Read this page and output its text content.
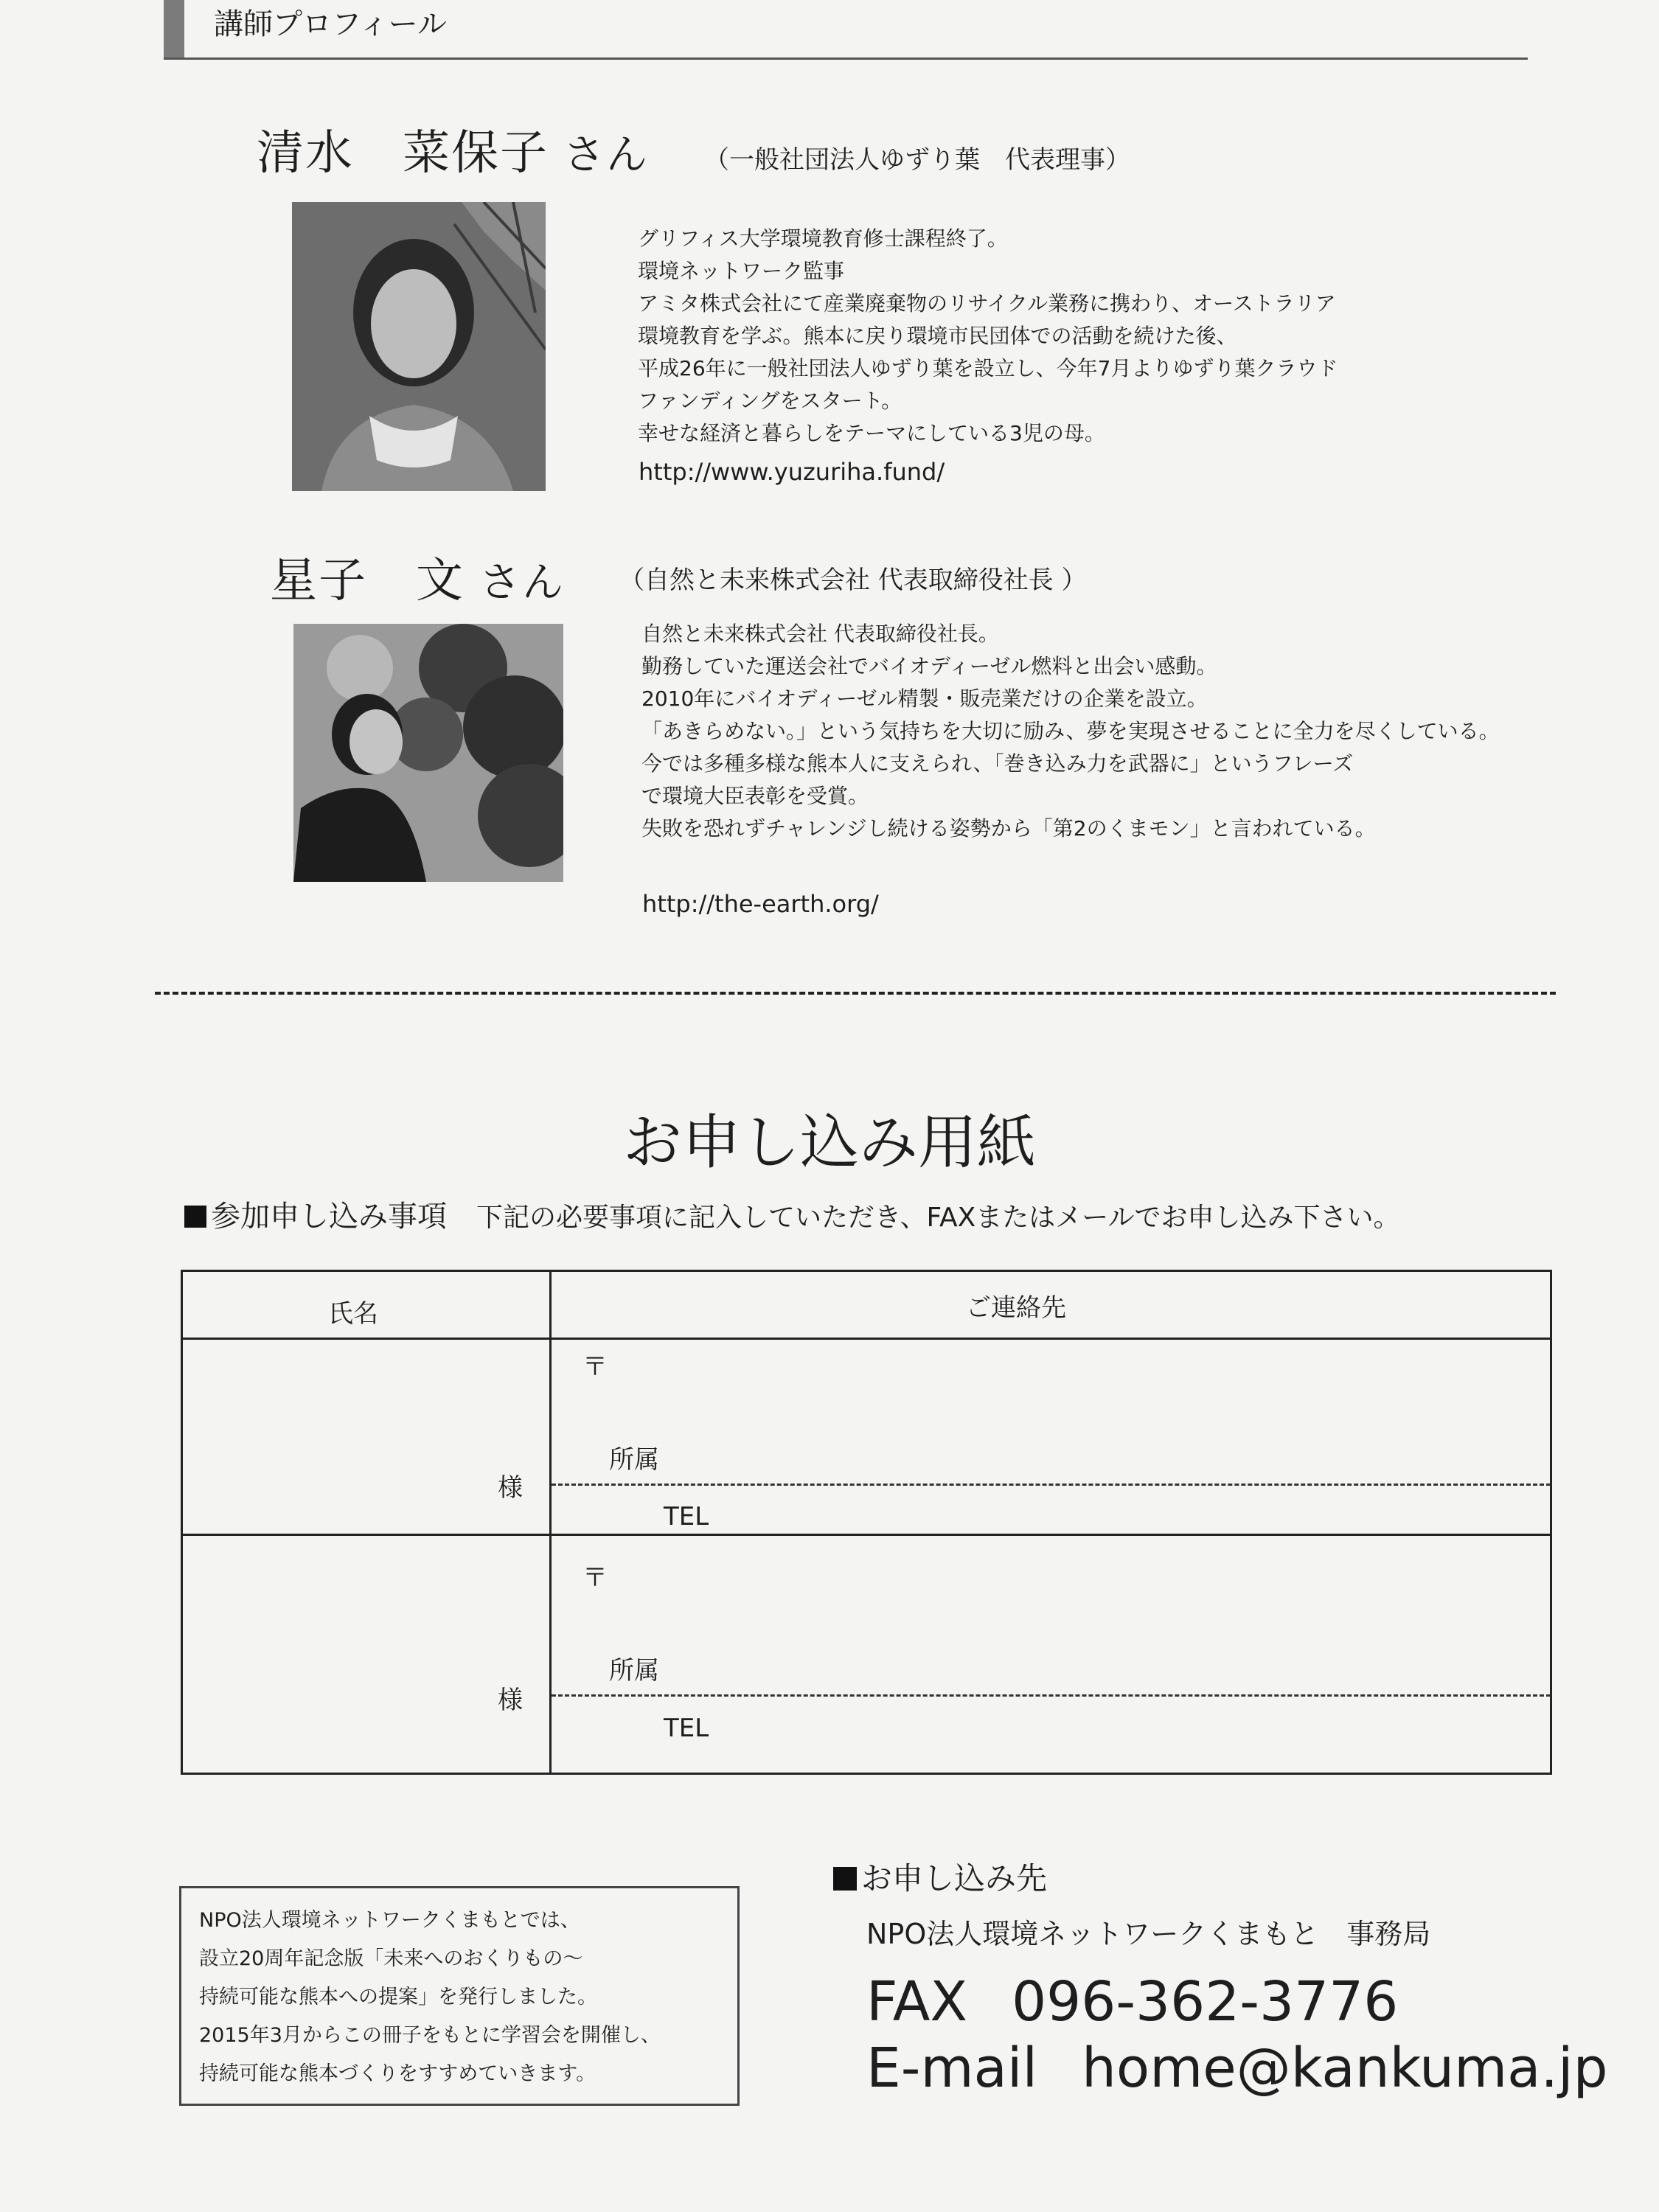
講師プロフィール
清水　菜保子 さん （一般社団法人ゆずり葉　代表理事）
グリフィス大学環境教育修士課程終了。
環境ネットワーク監事
アミタ株式会社にて産業廃棄物のリサイクル業務に携わり、オーストラリア
環境教育を学ぶ。熊本に戻り環境市民団体での活動を続けた後、
平成26年に一般社団法人ゆずり葉を設立し、今年7月よりゆずり葉クラウド
ファンディングをスタート。
幸せな経済と暮らしをテーマにしている3児の母。
http://www.yuzuriha.fund/
星子　文 さん （自然と未来株式会社 代表取締役社長 ）
自然と未来株式会社 代表取締役社長。
勤務していた運送会社でバイオディーゼル燃料と出会い感動。
2010年にバイオディーゼル精製・販売業だけの企業を設立。
「あきらめない。」という気持ちを大切に励み、夢を実現させることに全力を尽くしている。
今では多種多様な熊本人に支えられ、「巻き込み力を武器に」というフレーズ
で環境大臣表彰を受賞。
失敗を恐れずチャレンジし続ける姿勢から「第2のくまモン」と言われている。
http://the-earth.org/
お申し込み用紙
参加申し込み事項 下記の必要事項に記入していただき、FAXまたはメールでお申し込み下さい。
氏名	ご連絡先
様
〒
所属
TEL
様
〒
所属
TEL
NPO法人環境ネットワークくまもとでは、
設立20周年記念版「未来へのおくりもの～
持続可能な熊本への提案」を発行しました。
2015年3月からこの冊子をもとに学習会を開催し、
持続可能な熊本づくりをすすめていきます。
お申し込み先
NPO法人環境ネットワークくまもと　事務局
FAX 096-362-3776
E-mail home@kankuma.jp
